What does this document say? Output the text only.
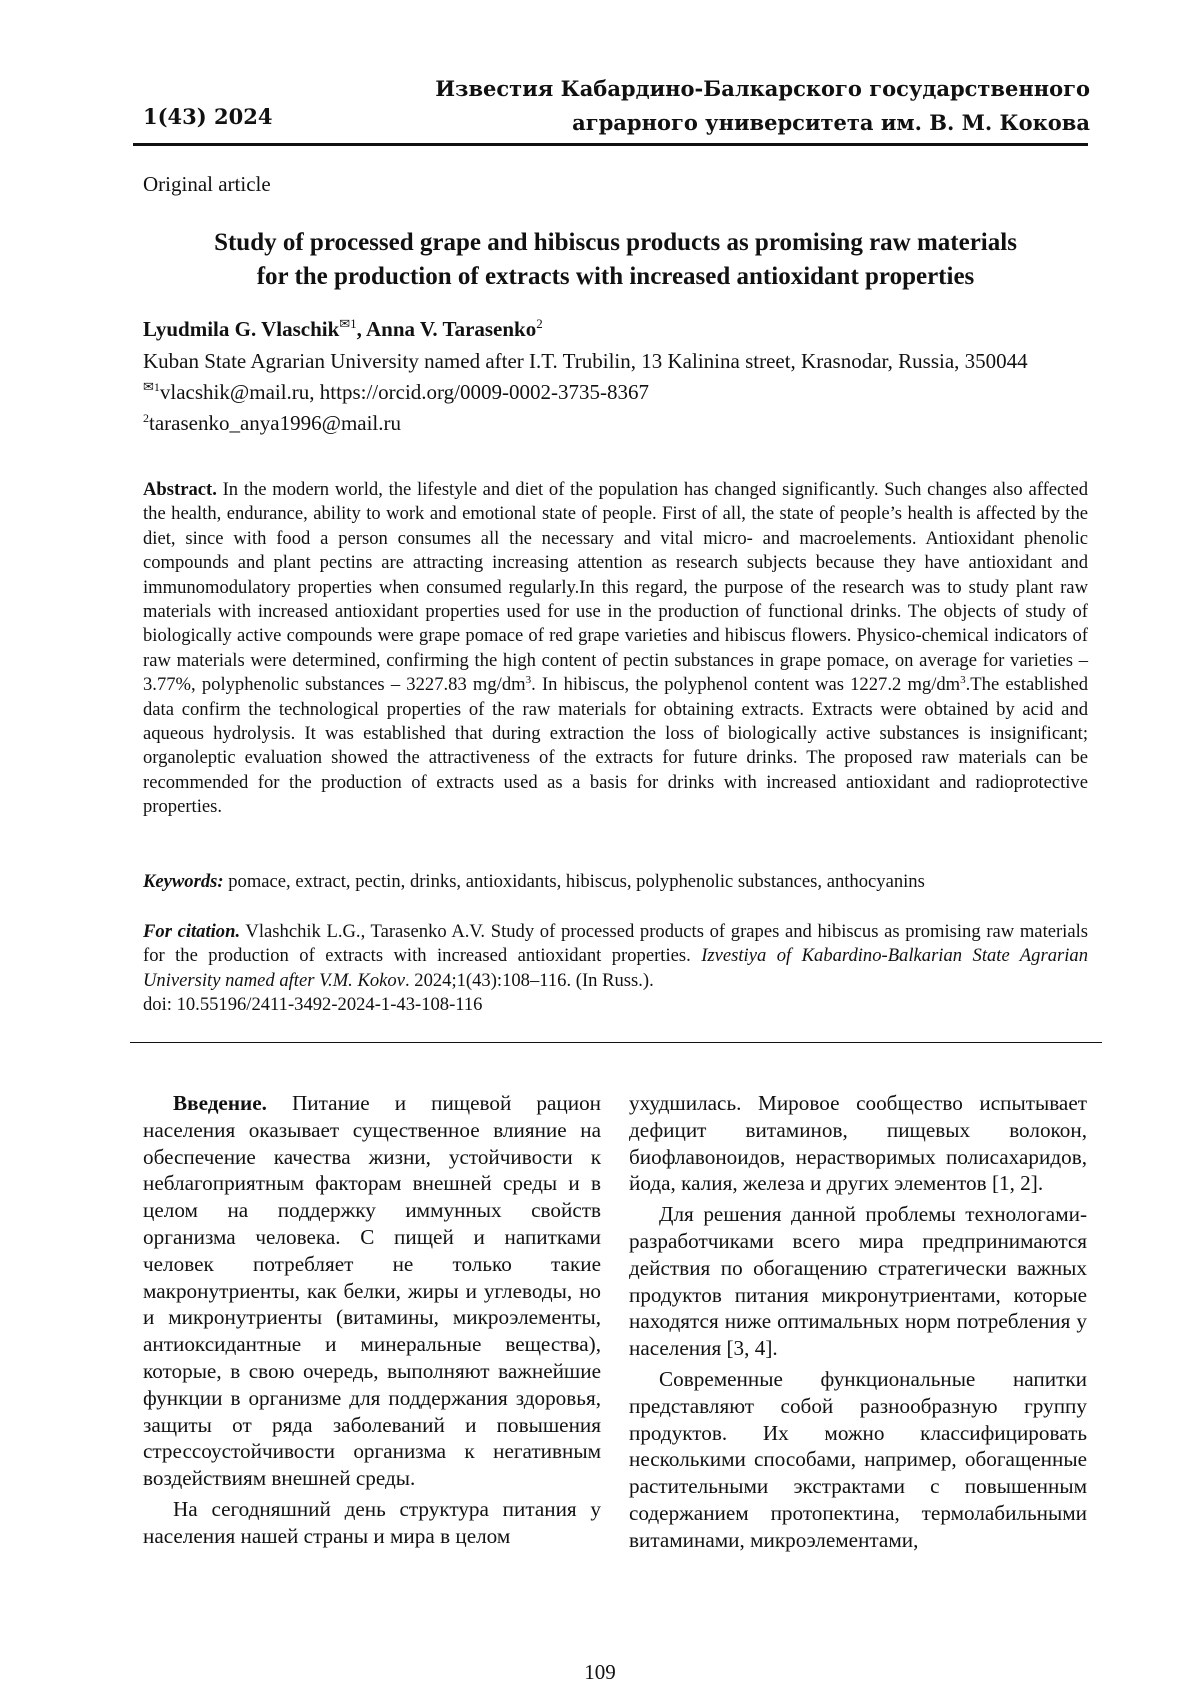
1(43) 2024
Известия Кабардино-Балкарского государственного
аграрного университета им. В. М. Кокова
Original article
Study of processed grape and hibiscus products as promising raw materials
for the production of extracts with increased antioxidant properties
Lyudmila G. Vlaschik✉1, Anna V. Tarasenko2
Kuban State Agrarian University named after I.T. Trubilin, 13 Kalinina street, Krasnodar, Russia, 350044
✉1vlacshik@mail.ru, https://orcid.org/0009-0002-3735-8367
2tarasenko_anya1996@mail.ru
Abstract. In the modern world, the lifestyle and diet of the population has changed significantly. Such changes also affected the health, endurance, ability to work and emotional state of people. First of all, the state of people’s health is affected by the diet, since with food a person consumes all the necessary and vital micro- and macroelements. Antioxidant phenolic compounds and plant pectins are attracting increasing attention as research subjects because they have antioxidant and immunomodulatory properties when consumed regularly.In this regard, the purpose of the research was to study plant raw materials with increased antioxidant properties used for use in the production of functional drinks. The objects of study of biologically active compounds were grape pomace of red grape varieties and hibiscus flowers. Physico-chemical indicators of raw materials were determined, confirming the high content of pectin substances in grape pomace, on average for varieties – 3.77%, polyphenolic substances – 3227.83 mg/dm3. In hibiscus, the polyphenol content was 1227.2 mg/dm3.The established data confirm the technological properties of the raw materials for obtaining extracts. Extracts were obtained by acid and aqueous hydrolysis. It was established that during extraction the loss of biologically active substances is insignificant; organoleptic evaluation showed the attractiveness of the extracts for future drinks. The proposed raw materials can be recommended for the production of extracts used as a basis for drinks with increased antioxidant and radioprotective properties.
Keywords: pomace, extract, pectin, drinks, antioxidants, hibiscus, polyphenolic substances, anthocyanins
For citation. Vlashchik L.G., Tarasenko A.V. Study of processed products of grapes and hibiscus as promising raw materials for the production of extracts with increased antioxidant properties. Izvestiya of Kabardino-Balkarian State Agrarian University named after V.M. Kokov. 2024;1(43):108–116. (In Russ.).
doi: 10.55196/2411-3492-2024-1-43-108-116

Введение. Питание и пищевой рацион населения оказывает существенное влияние на обеспечение качества жизни, устойчивости к неблагоприятным факторам внешней среды и в целом на поддержку иммунных свойств организма человека. С пищей и напитками человек потребляет не только такие макронутриенты, как белки, жиры и углеводы, но и микронутриенты (витамины, микроэлементы, антиоксидантные и минеральные вещества), которые, в свою очередь, выполняют важнейшие функции в организме для поддержания здоровья, защиты от ряда заболеваний и повышения стрессоустойчивости организма к негативным воздействиям внешней среды.

На сегодняшний день структура питания у населения нашей страны и мира в целом

ухудшилась. Мировое сообщество испытывает дефицит витаминов, пищевых волокон, биофлавоноидов, нерастворимых полисахаридов, йода, калия, железа и других элементов [1, 2].

Для решения данной проблемы технологами-разработчиками всего мира предпринимаются действия по обогащению стратегически важных продуктов питания микронутриентами, которые находятся ниже оптимальных норм потребления у населения [3, 4].

Современные функциональные напитки представляют собой разнообразную группу продуктов. Их можно классифицировать несколькими способами, например, обогащенные растительными экстрактами с повышенным содержанием протопектина, термолабильными витаминами, микроэлементами,

109
